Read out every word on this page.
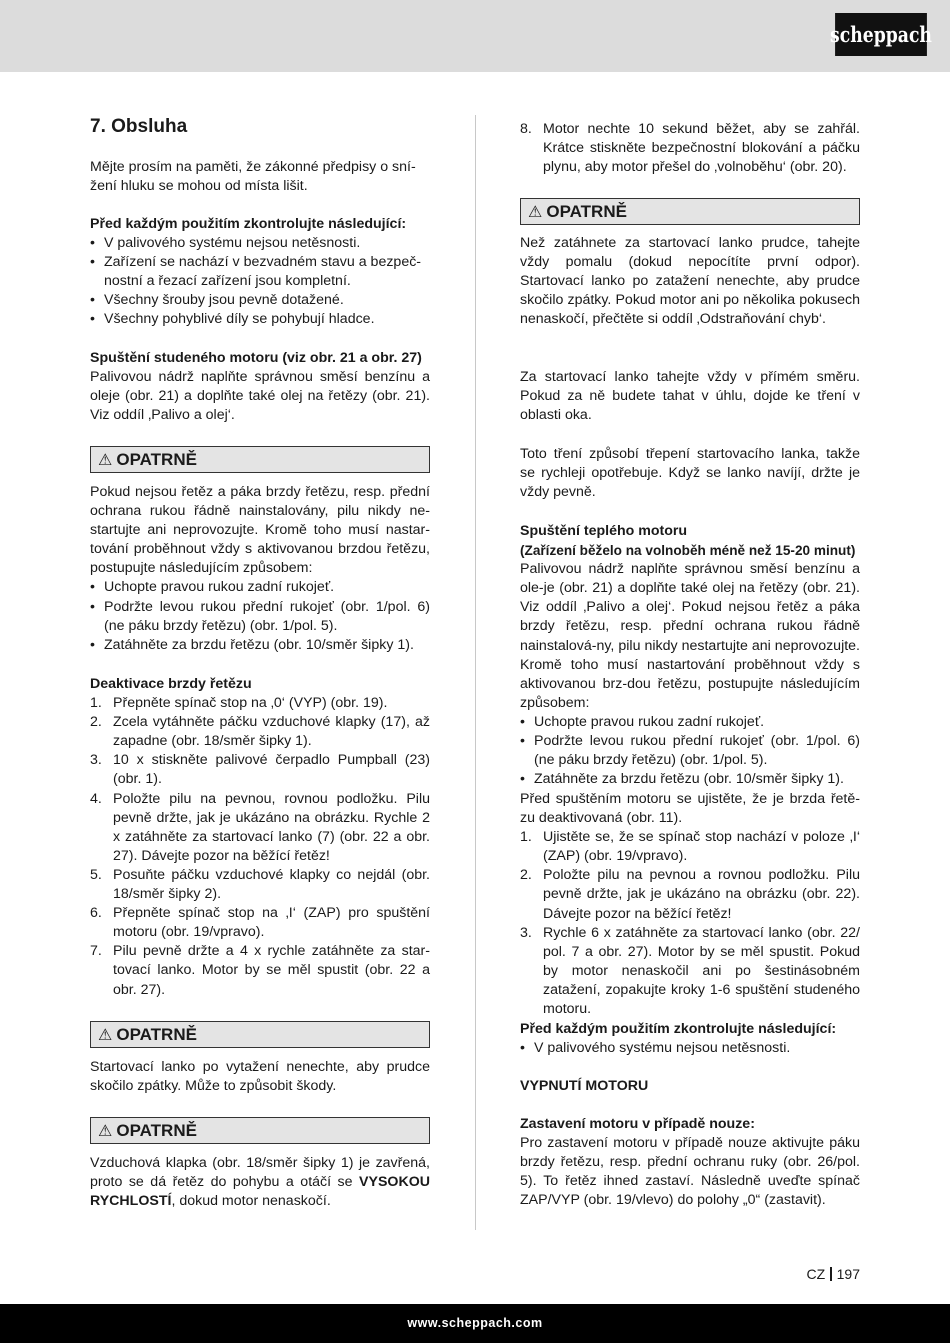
scheppach
7. Obsluha
Mějte prosím na paměti, že zákonné předpisy o sní-
žení hluku se mohou od místa lišit.
Před každým použitím zkontrolujte následující:
• V palivového systému nejsou netěsnosti.
• Zařízení se nachází v bezvadném stavu a bezpeč-
nostní a řezací zařízení jsou kompletní.
• Všechny šrouby jsou pevně dotažené.
• Všechny pohyblivé díly se pohybují hladce.
Spuštění studeného motoru (viz obr. 21 a obr. 27)
Palivovou nádrž naplňte správnou směsí benzínu a oleje (obr. 21) a doplňte také olej na řetězy (obr. 21). Viz oddíl ‚Palivo a olej‘.
⚠ OPATRNĚ
Pokud nejsou řetěz a páka brzdy řetězu, resp. přední ochrana rukou řádně nainstalovány, pilu nikdy ne-startujte ani neprovozujte. Kromě toho musí nastar-tování proběhnout vždy s aktivovanou brzdou řetězu, postupujte následujícím způsobem:
• Uchopte pravou rukou zadní rukojeť.
• Podržte levou rukou přední rukojeť (obr. 1/pol. 6) (ne páku brzdy řetězu) (obr. 1/pol. 5).
• Zatáhněte za brzdu řetězu (obr. 10/směr šipky 1).
Deaktivace brzdy řetězu
1. Přepněte spínač stop na ‚0‘ (VYP) (obr. 19).
2. Zcela vytáhněte páčku vzduchové klapky (17), až zapadne (obr. 18/směr šipky 1).
3. 10 x stiskněte palivové čerpadlo Pumpball (23) (obr. 1).
4. Položte pilu na pevnou, rovnou podložku. Pilu pevně držte, jak je ukázáno na obrázku. Rychle 2 x zatáhněte za startovací lanko (7) (obr. 22 a obr. 27). Dávejte pozor na běžící řetěz!
5. Posuňte páčku vzduchové klapky co nejdál (obr. 18/směr šipky 2).
6. Přepněte spínač stop na ‚I‘ (ZAP) pro spuštění motoru (obr. 19/vpravo).
7. Pilu pevně držte a 4 x rychle zatáhněte za star-tovací lanko. Motor by se měl spustit (obr. 22 a obr. 27).
⚠ OPATRNĚ
Startovací lanko po vytažení nenechte, aby prudce skočilo zpátky. Může to způsobit škody.
⚠ OPATRNĚ
Vzduchová klapka (obr. 18/směr šipky 1) je zavřená, proto se dá řetěz do pohybu a otáčí se VYSOKOU RYCHLOSTÍ, dokud motor nenaskočí.
8. Motor nechte 10 sekund běžet, aby se zahřál. Krátce stiskněte bezpečnostní blokování a páčku plynu, aby motor přešel do ‚volnoběhu‘ (obr. 20).
⚠ OPATRNĚ
Než zatáhnete za startovací lanko prudce, tahejte vždy pomalu (dokud nepocítíte první odpor). Startovací lanko po zatažení nenechte, aby prudce skočilo zpátky. Pokud motor ani po několika pokusech nenaskočí, přečtěte si oddíl ‚Odstraňování chyb‘.
Za startovací lanko tahejte vždy v přímém směru. Pokud za ně budete tahat v úhlu, dojde ke tření v oblasti oka.
Toto tření způsobí třepení startovacího lanka, takže se rychleji opotřebuje. Když se lanko navíjí, držte je vždy pevně.
Spuštění teplého motoru
(Zařízení běželo na volnoběh méně než 15-20 minut)
Palivovou nádrž naplňte správnou směsí benzínu a ole-je (obr. 21) a doplňte také olej na řetězy (obr. 21). Viz oddíl ‚Palivo a olej‘. Pokud nejsou řetěz a páka brzdy řetězu, resp. přední ochrana rukou řádně nainstalová-ny, pilu nikdy nestartujte ani neprovozujte. Kromě toho musí nastartování proběhnout vždy s aktivovanou brz-dou řetězu, postupujte následujícím způsobem:
• Uchopte pravou rukou zadní rukojeť.
• Podržte levou rukou přední rukojeť (obr. 1/pol. 6) (ne páku brzdy řetězu) (obr. 1/pol. 5).
• Zatáhněte za brzdu řetězu (obr. 10/směr šipky 1).
Před spuštěním motoru se ujistěte, že je brzda řetě-zu deaktivovaná (obr. 11).
1. Ujistěte se, že se spínač stop nachází v poloze ‚I‘ (ZAP) (obr. 19/vpravo).
2. Položte pilu na pevnou a rovnou podložku. Pilu pevně držte, jak je ukázáno na obrázku (obr. 22). Dávejte pozor na běžící řetěz!
3. Rychle 6 x zatáhněte za startovací lanko (obr. 22/ pol. 7 a obr. 27). Motor by se měl spustit. Pokud by motor nenaskočil ani po šestinásobném zatažení, zopakujte kroky 1-6 spuštění studeného motoru.
Před každým použitím zkontrolujte následující:
• V palivového systému nejsou netěsnosti.
VYPNUTÍ MOTORU
Zastavení motoru v případě nouze:
Pro zastavení motoru v případě nouze aktivujte páku brzdy řetězu, resp. přední ochranu ruky (obr. 26/pol. 5). To řetěz ihned zastaví. Následně uveďte spínač ZAP/VYP (obr. 19/vlevo) do polohy „0“ (zastavit).
CZ 197
www.scheppach.com
